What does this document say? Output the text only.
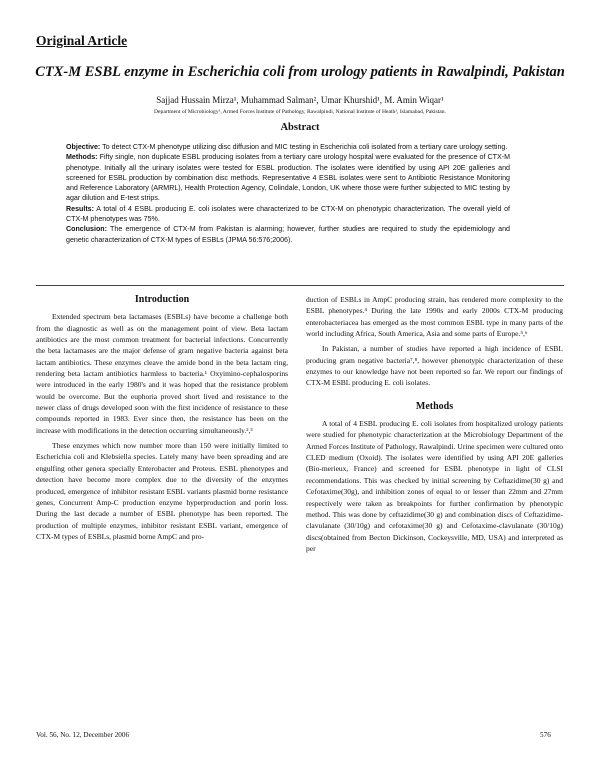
Original Article
CTX-M ESBL enzyme in Escherichia coli from urology patients in Rawalpindi, Pakistan
Sajjad Hussain Mirza¹, Muhammad Salman², Umar Khurshid¹, M. Amin Wiqar¹
Department of Microbiology¹, Armed Forces Institute of Pathology, Rawalpindi, National Institute of Heath², Islamabad, Pakistan.
Abstract

Objective: To detect CTX-M phenotype utilizing disc diffusion and MIC testing in Escherichia coli isolated from a tertiary care urology setting.

Methods: Fifty single, non duplicate ESBL producing isolates from a tertiary care urology hospital were evaluated for the presence of CTX-M phenotype. Initially all the urinary isolates were tested for ESBL production. The isolates were identified by using API 20E galleries and screened for ESBL production by combination disc methods. Representative 4 ESBL isolates were sent to Antibiotic Resistance Monitoring and Reference Laboratory (ARMRL), Health Protection Agency, Colindale, London, UK where those were further subjected to MIC testing by agar dilution and E-test strips.

Results: A total of 4 ESBL producing E. coli isolates were characterized to be CTX-M on phenotypic characterization. The overall yield of CTX-M phenotypes was 75%.

Conclusion: The emergence of CTX-M from Pakistan is alarming; however, further studies are required to study the epidemiology and genetic characterization of CTX-M types of ESBLs (JPMA 56:576;2006).

Introduction

Extended spectrum beta lactamases (ESBLs) have become a challenge both from the diagnostic as well as on the management point of view. Beta lactam antibiotics are the most common treatment for bacterial infections. Concurrently the beta lactamases are the major defense of gram negative bacteria against beta lactam antibiotics. These enzymes cleave the amide bond in the beta lactam ring, rendering beta lactam antibiotics harmless to bacteria.¹ Oxyimino-cephalosporins were introduced in the early 1980's and it was hoped that the resistance problem would be overcome. But the euphoria proved short lived and resistance to the newer class of drugs developed soon with the first incidence of resistance to these compounds reported in 1983. Ever since then, the resistance has been on the increase with modifications in the detection occurring simultaneously.²,³

These enzymes which now number more than 150 were initially limited to Escherichia coli and Klebsiella species. Lately many have been spreading and are engulfing other genera specially Enterobacter and Proteus. ESBL phenotypes and detection have become more complex due to the diversity of the enzymes produced, emergence of inhibitor resistant ESBL variants plasmid borne resistance genes, Concurrent Amp-C production enzyme hyperproduction and porin loss. During the last decade a number of ESBL phenotype has been reported. The production of multiple enzymes, inhibitor resistant ESBL variant, emergence of CTX-M types of ESBLs, plasmid borne AmpC and pro-

duction of ESBLs in AmpC producing strain, has rendered more complexity to the ESBL phenotypes.⁴ During the late 1990s and early 2000s CTX-M producing enterobacteriacea has emerged as the most common ESBL type in many parts of the world including Africa, South America, Asia and some parts of Europe.⁵,⁶

In Pakistan, a number of studies have reported a high incidence of ESBL producing gram negative bacteria⁷,⁸, however phenotypic characterization of these enzymes to our knowledge have not been reported so far. We report our findings of CTX-M ESBL producing E. coli isolates.

Methods

A total of 4 ESBL producing E. coli isolates from hospitalized urology patients were studied for phenotypic characterization at the Microbiology Department of the Armed Forces Institute of Pathology, Rawalpindi. Urine specimen were cultured onto CLED medium (Oxoid). The isolates were identified by using API 20E galleries (Bio-merieux, France) and screened for ESBL phenotype in light of CLSI recommendations. This was checked by initial screening by Ceftazidime(30 g) and Cefotaxime(30g), and inhibition zones of equal to or lesser than 22mm and 27mm respectively were taken as breakpoints for further confirmation by phenotypic method. This was done by ceftazidime(30 g) and combination discs of Ceftazidime-clavulanate (30/10g) and cefotaxime(30 g) and Cefotaxime-clavulanate (30/10g) discs(obtained from Becton Dickinson, Cockeysville, MD, USA) and interpreted as per

Vol. 56, No. 12, December 2006	576
